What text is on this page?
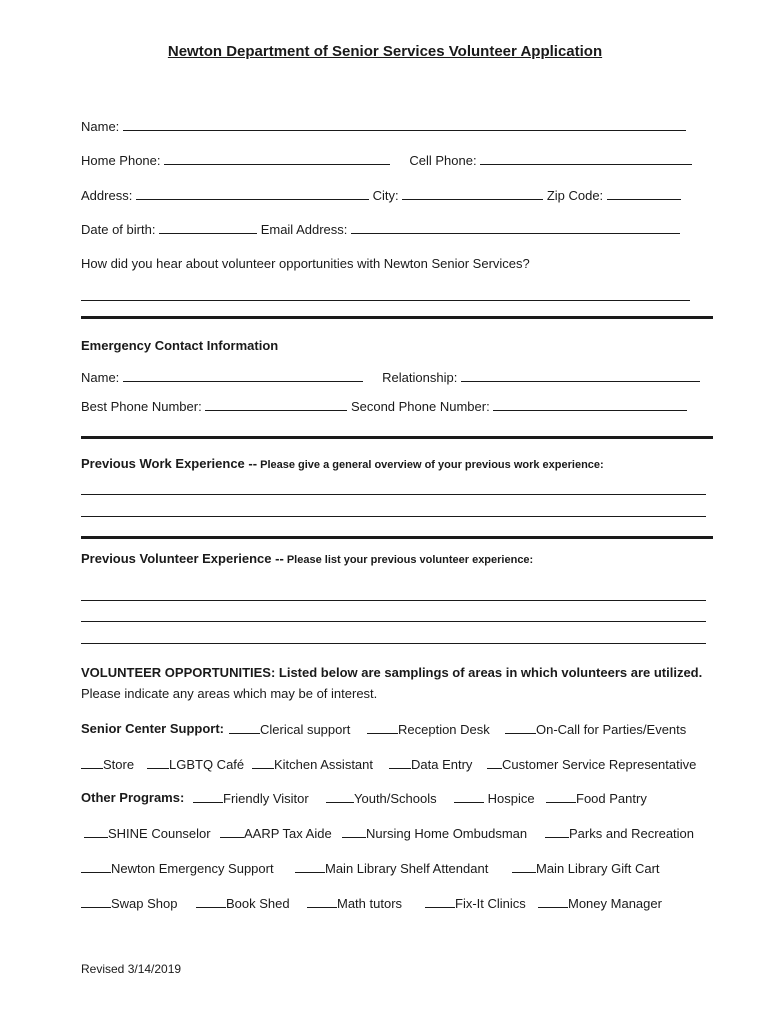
Newton Department of Senior Services Volunteer Application
Name:
Home Phone:	Cell Phone:
Address:	City:	Zip Code:
Date of birth:	Email Address:
How did you hear about volunteer opportunities with Newton Senior Services?
Emergency Contact Information
Name:	Relationship:
Best Phone Number:	Second Phone Number:
Previous Work Experience -- Please give a general overview of your previous work experience:
Previous Volunteer Experience -- Please list your previous volunteer experience:
VOLUNTEER OPPORTUNITIES: Listed below are samplings of areas in which volunteers are utilized.
Please indicate any areas which may be of interest.
Senior Center Support:	Clerical support	Reception Desk	On-Call for Parties/Events
Store	LGBTQ Café	Kitchen Assistant	Data Entry	Customer Service Representative
Other Programs:	Friendly Visitor	Youth/Schools	Hospice	Food Pantry
SHINE Counselor	AARP Tax Aide	Nursing Home Ombudsman	Parks and Recreation
Newton Emergency Support	Main Library Shelf Attendant	Main Library Gift Cart
Swap Shop	Book Shed	Math tutors	Fix-It Clinics	Money Manager
Revised 3/14/2019
